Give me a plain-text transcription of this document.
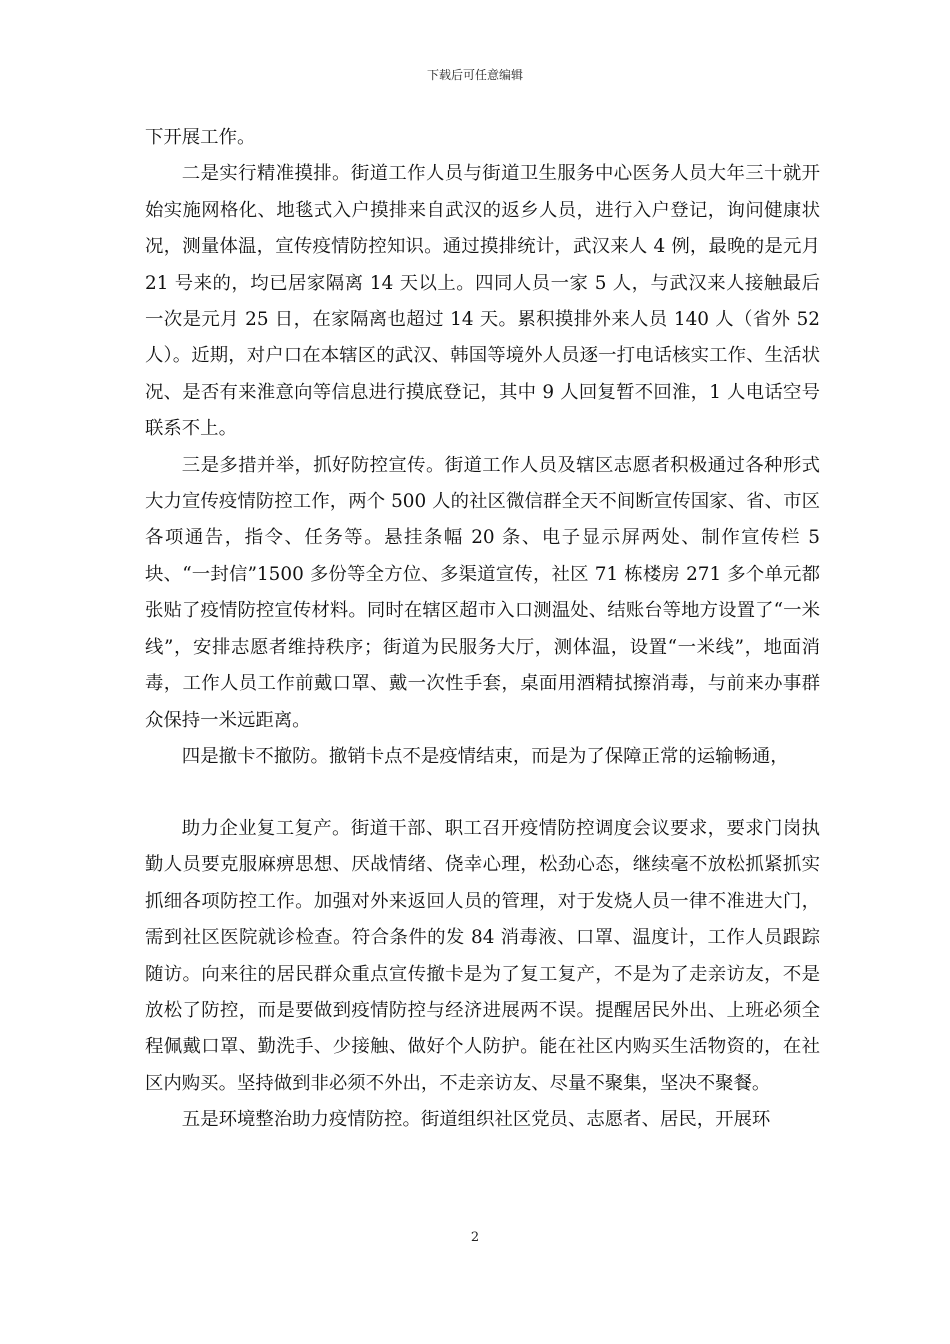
下载后可任意编辑

下开展工作。

二是实行精准摸排。街道工作人员与街道卫生服务中心医务人员大年三十就开始实施网格化、地毯式入户摸排来自武汉的返乡人员，进行入户登记，询问健康状况，测量体温，宣传疫情防控知识。通过摸排统计，武汉来人 4 例，最晚的是元月 21 号来的，均已居家隔离 14 天以上。四同人员一家 5 人，与武汉来人接触最后一次是元月 25 日，在家隔离也超过 14 天。累积摸排外来人员 140 人（省外 52 人）。近期，对户口在本辖区的武汉、韩国等境外人员逐一打电话核实工作、生活状况、是否有来淮意向等信息进行摸底登记，其中 9 人回复暂不回淮，1 人电话空号联系不上。

三是多措并举，抓好防控宣传。街道工作人员及辖区志愿者积极通过各种形式大力宣传疫情防控工作，两个 500 人的社区微信群全天不间断宣传国家、省、市区各项通告，指令、任务等。悬挂条幅 20 条、电子显示屏两处、制作宣传栏 5 块、“一封信”1500 多份等全方位、多渠道宣传，社区 71 栋楼房 271 多个单元都张贴了疫情防控宣传材料。同时在辖区超市入口测温处、结账台等地方设置了“一米线”，安排志愿者维持秩序；街道为民服务大厅，测体温，设置“一米线”，地面消毒，工作人员工作前戴口罩、戴一次性手套，桌面用酒精拭擦消毒，与前来办事群众保持一米远距离。

四是撤卡不撤防。撤销卡点不是疫情结束，而是为了保障正常的运输畅通，

助力企业复工复产。街道干部、职工召开疫情防控调度会议要求，要求门岗执勤人员要克服麻痹思想、厌战情绪、侥幸心理，松劲心态，继续毫不放松抓紧抓实抓细各项防控工作。加强对外来返回人员的管理，对于发烧人员一律不准进大门，需到社区医院就诊检查。符合条件的发 84 消毒液、口罩、温度计，工作人员跟踪随访。向来往的居民群众重点宣传撤卡是为了复工复产，不是为了走亲访友，不是放松了防控，而是要做到疫情防控与经济进展两不误。提醒居民外出、上班必须全程佩戴口罩、勤洗手、少接触、做好个人防护。能在社区内购买生活物资的，在社区内购买。坚持做到非必须不外出，不走亲访友、尽量不聚集，坚决不聚餐。

五是环境整治助力疫情防控。街道组织社区党员、志愿者、居民，开展环

2
